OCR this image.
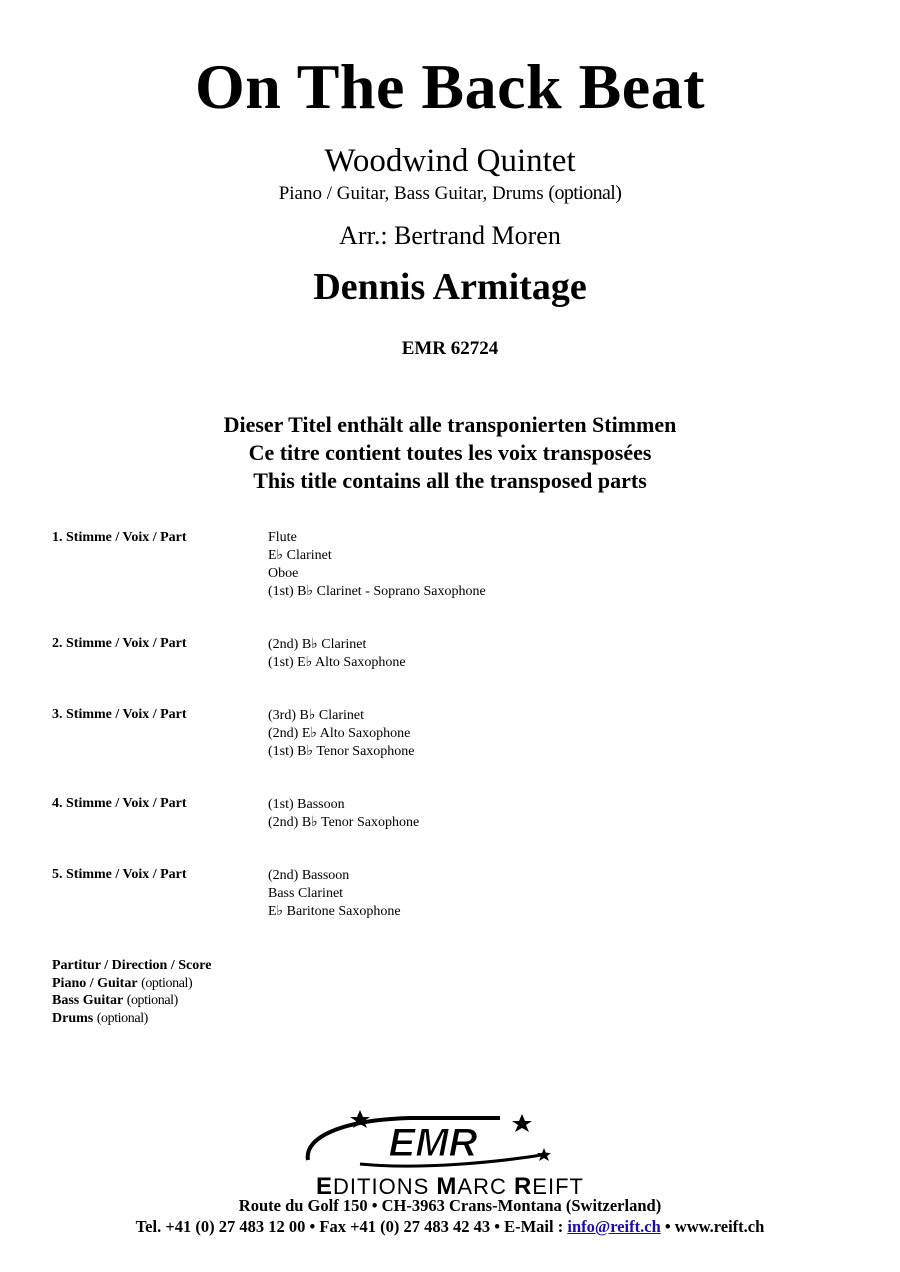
On The Back Beat
Woodwind Quintet
Piano / Guitar, Bass Guitar, Drums (optional)
Arr.: Bertrand Moren
Dennis Armitage
EMR 62724
Dieser Titel enthält alle transponierten Stimmen
Ce titre contient toutes les voix transposées
This title contains all the transposed parts
1. Stimme / Voix / Part	Flute
E♭ Clarinet
Oboe
(1st) B♭ Clarinet - Soprano Saxophone
2. Stimme / Voix / Part	(2nd) B♭ Clarinet
(1st) E♭ Alto Saxophone
3. Stimme / Voix / Part	(3rd) B♭ Clarinet
(2nd) E♭ Alto Saxophone
(1st) B♭ Tenor Saxophone
4. Stimme / Voix / Part	(1st) Bassoon
(2nd) B♭ Tenor Saxophone
5. Stimme / Voix / Part	(2nd) Bassoon
Bass Clarinet
E♭ Baritone Saxophone
Partitur / Direction / Score
Piano / Guitar (optional)
Bass Guitar (optional)
Drums (optional)
EMR
EDITIONS MARC REIFT
Route du Golf 150 • CH-3963 Crans-Montana (Switzerland)
Tel. +41 (0) 27 483 12 00 • Fax +41 (0) 27 483 42 43 • E-Mail : info@reift.ch • www.reift.ch
